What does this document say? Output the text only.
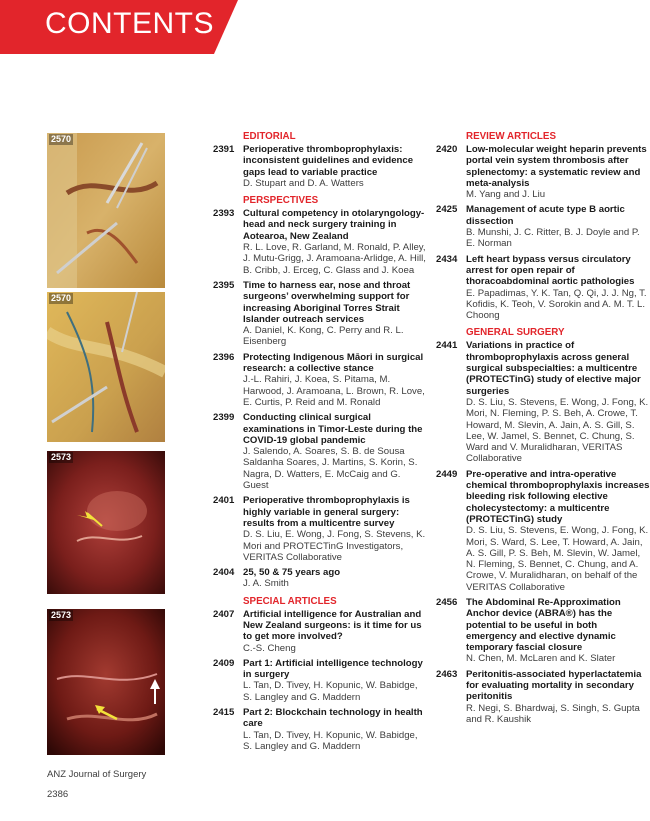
CONTENTS
2570
2570
2573
2573
EDITORIAL
2391 Perioperative thromboprophylaxis: inconsistent guidelines and evidence gaps lead to variable practice
D. Stupart and D. A. Watters
PERSPECTIVES
2393 Cultural competency in otolaryngology-head and neck surgery training in Aotearoa, New Zealand
R. L. Love, R. Garland, M. Ronald, P. Alley, J. Mutu-Grigg, J. Aramoana-Arlidge, A. Hill, B. Cribb, J. Erceg, C. Glass and J. Koea
2395 Time to harness ear, nose and throat surgeons’ overwhelming support for increasing Aboriginal Torres Strait Islander outreach services
A. Daniel, K. Kong, C. Perry and R. L. Eisenberg
2396 Protecting Indigenous Māori in surgical research: a collective stance
J.-L. Rahiri, J. Koea, S. Pitama, M. Harwood, J. Aramoana, L. Brown, R. Love, E. Curtis, P. Reid and M. Ronald
2399 Conducting clinical surgical examinations in Timor-Leste during the COVID-19 global pandemic
J. Salendo, A. Soares, S. B. de Sousa Saldanha Soares, J. Martins, S. Korin, S. Nagra, D. Watters, E. McCaig and G. Guest
2401 Perioperative thromboprophylaxis is highly variable in general surgery: results from a multicentre survey
D. S. Liu, E. Wong, J. Fong, S. Stevens, K. Mori and PROTECTinG Investigators, VERITAS Collaborative
2404 25, 50 & 75 years ago
J. A. Smith
SPECIAL ARTICLES
2407 Artificial intelligence for Australian and New Zealand surgeons: is it time for us to get more involved?
C.-S. Cheng
2409 Part 1: Artificial intelligence technology in surgery
L. Tan, D. Tivey, H. Kopunic, W. Babidge, S. Langley and G. Maddern
2415 Part 2: Blockchain technology in health care
L. Tan, D. Tivey, H. Kopunic, W. Babidge, S. Langley and G. Maddern
REVIEW ARTICLES
2420 Low-molecular weight heparin prevents portal vein system thrombosis after splenectomy: a systematic review and meta-analysis
M. Yang and J. Liu
2425 Management of acute type B aortic dissection
B. Munshi, J. C. Ritter, B. J. Doyle and P. E. Norman
2434 Left heart bypass versus circulatory arrest for open repair of thoracoabdominal aortic pathologies
E. Papadimas, Y. K. Tan, Q. Qi, J. J. Ng, T. Kofidis, K. Teoh, V. Sorokin and A. M. T. L. Choong
GENERAL SURGERY
2441 Variations in practice of thromboprophylaxis across general surgical subspecialties: a multicentre (PROTECTinG) study of elective major surgeries
D. S. Liu, S. Stevens, E. Wong, J. Fong, K. Mori, N. Fleming, P. S. Beh, A. Crowe, T. Howard, M. Slevin, A. Jain, A. S. Gill, S. Lee, W. Jamel, S. Bennet, C. Chung, S. Ward and V. Muralidharan, VERITAS Collaborative
2449 Pre-operative and intra-operative chemical thromboprophylaxis increases bleeding risk following elective cholecystectomy: a multicentre (PROTECTinG) study
D. S. Liu, S. Stevens, E. Wong, J. Fong, K. Mori, S. Ward, S. Lee, T. Howard, A. Jain, A. S. Gill, P. S. Beh, M. Slevin, W. Jamel, N. Fleming, S. Bennet, C. Chung, and A. Crowe, V. Muralidharan, on behalf of the VERITAS Collaborative
2456 The Abdominal Re-Approximation Anchor device (ABRA®) has the potential to be useful in both emergency and elective dynamic temporary fascial closure
N. Chen, M. McLaren and K. Slater
2463 Peritonitis-associated hyperlactatemia for evaluating mortality in secondary peritonitis
R. Negi, S. Bhardwaj, S. Singh, S. Gupta and R. Kaushik
ANZ Journal of Surgery
2386
